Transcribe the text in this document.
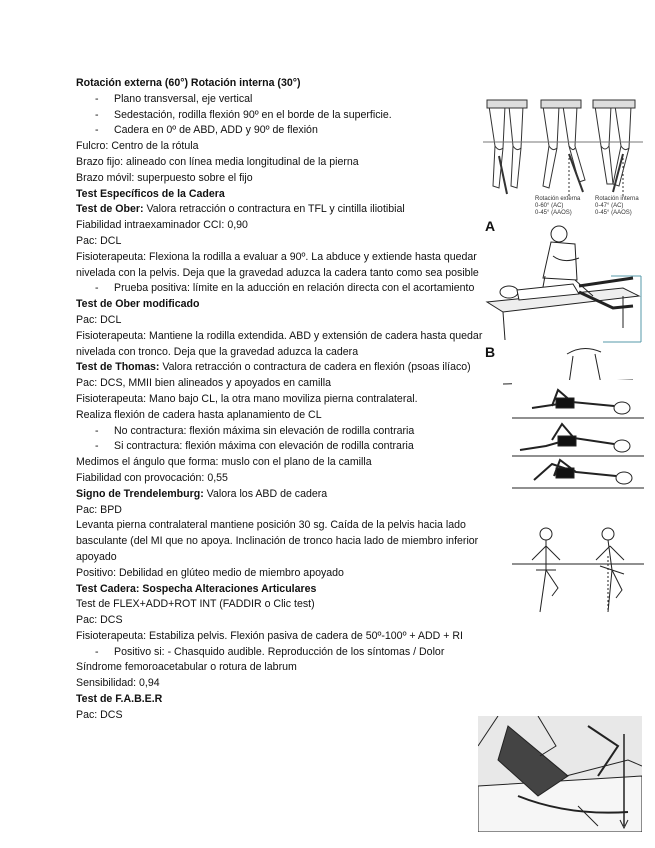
Rotación externa (60°) Rotación interna (30°)
- Plano transversal, eje vertical
- Sedestación, rodilla flexión 90º en el borde de la superficie.
- Cadera en 0º de ABD, ADD y 90º de flexión
Fulcro: Centro de la rótula
Brazo fijo: alineado con línea media longitudinal de la pierna
Brazo móvil: superpuesto sobre el fijo
Test Específicos de la Cadera
Test de Ober: Valora retracción o contractura en TFL y cintilla iliotibial
Fiabilidad intraexaminador CCI: 0,90
Pac: DCL
Fisioterapeuta: Flexiona la rodilla a evaluar a 90º. La abduce y extiende hasta quedar nivelada con la pelvis. Deja que la gravedad aduzca la cadera tanto como sea posible
- Prueba positiva: límite en la aducción en relación directa con el acortamiento
Test de Ober modificado
Pac: DCL
Fisioterapeuta: Mantiene la rodilla extendida. ABD y extensión de cadera hasta quedar nivelada con tronco. Deja que la gravedad aduzca la cadera
Test de Thomas: Valora retracción o contractura de cadera en flexión (psoas ilíaco)
Pac: DCS, MMII bien alineados y apoyados en camilla
Fisioterapeuta: Mano bajo CL, la otra mano moviliza pierna contralateral.
Realiza flexión de cadera hasta aplanamiento de CL
- No contractura: flexión máxima sin elevación de rodilla contraria
- Si contractura: flexión máxima con elevación de rodilla contraria
Medimos el ángulo que forma: muslo con el plano de la camilla
Fiabilidad con provocación: 0,55
Signo de Trendelemburg: Valora los ABD de cadera
Pac: BPD
Levanta pierna contralateral mantiene posición 30 sg. Caída de la pelvis hacia lado basculante (del MI que no apoya. Inclinación de tronco hacia lado de miembro inferior apoyado
Positivo: Debilidad en glúteo medio de miembro apoyado
Test Cadera: Sospecha Alteraciones Articulares
Test de FLEX+ADD+ROT INT (FADDIR o Clic test)
Pac: DCS
Fisioterapeuta: Estabiliza pelvis. Flexión pasiva de cadera de 50º-100º + ADD + RI
- Positivo si: - Chasquido audible. Reproducción de los síntomas / Dolor
Síndrome femoroacetabular o rotura de labrum
Sensibilidad: 0,94
Test de F.A.B.E.R
Pac: DCS
Rotación externa
0-60° (AC)
0-45° (AAOS)
Rotación interna
0-47° (AC)
0-45° (AAOS)
A
B
